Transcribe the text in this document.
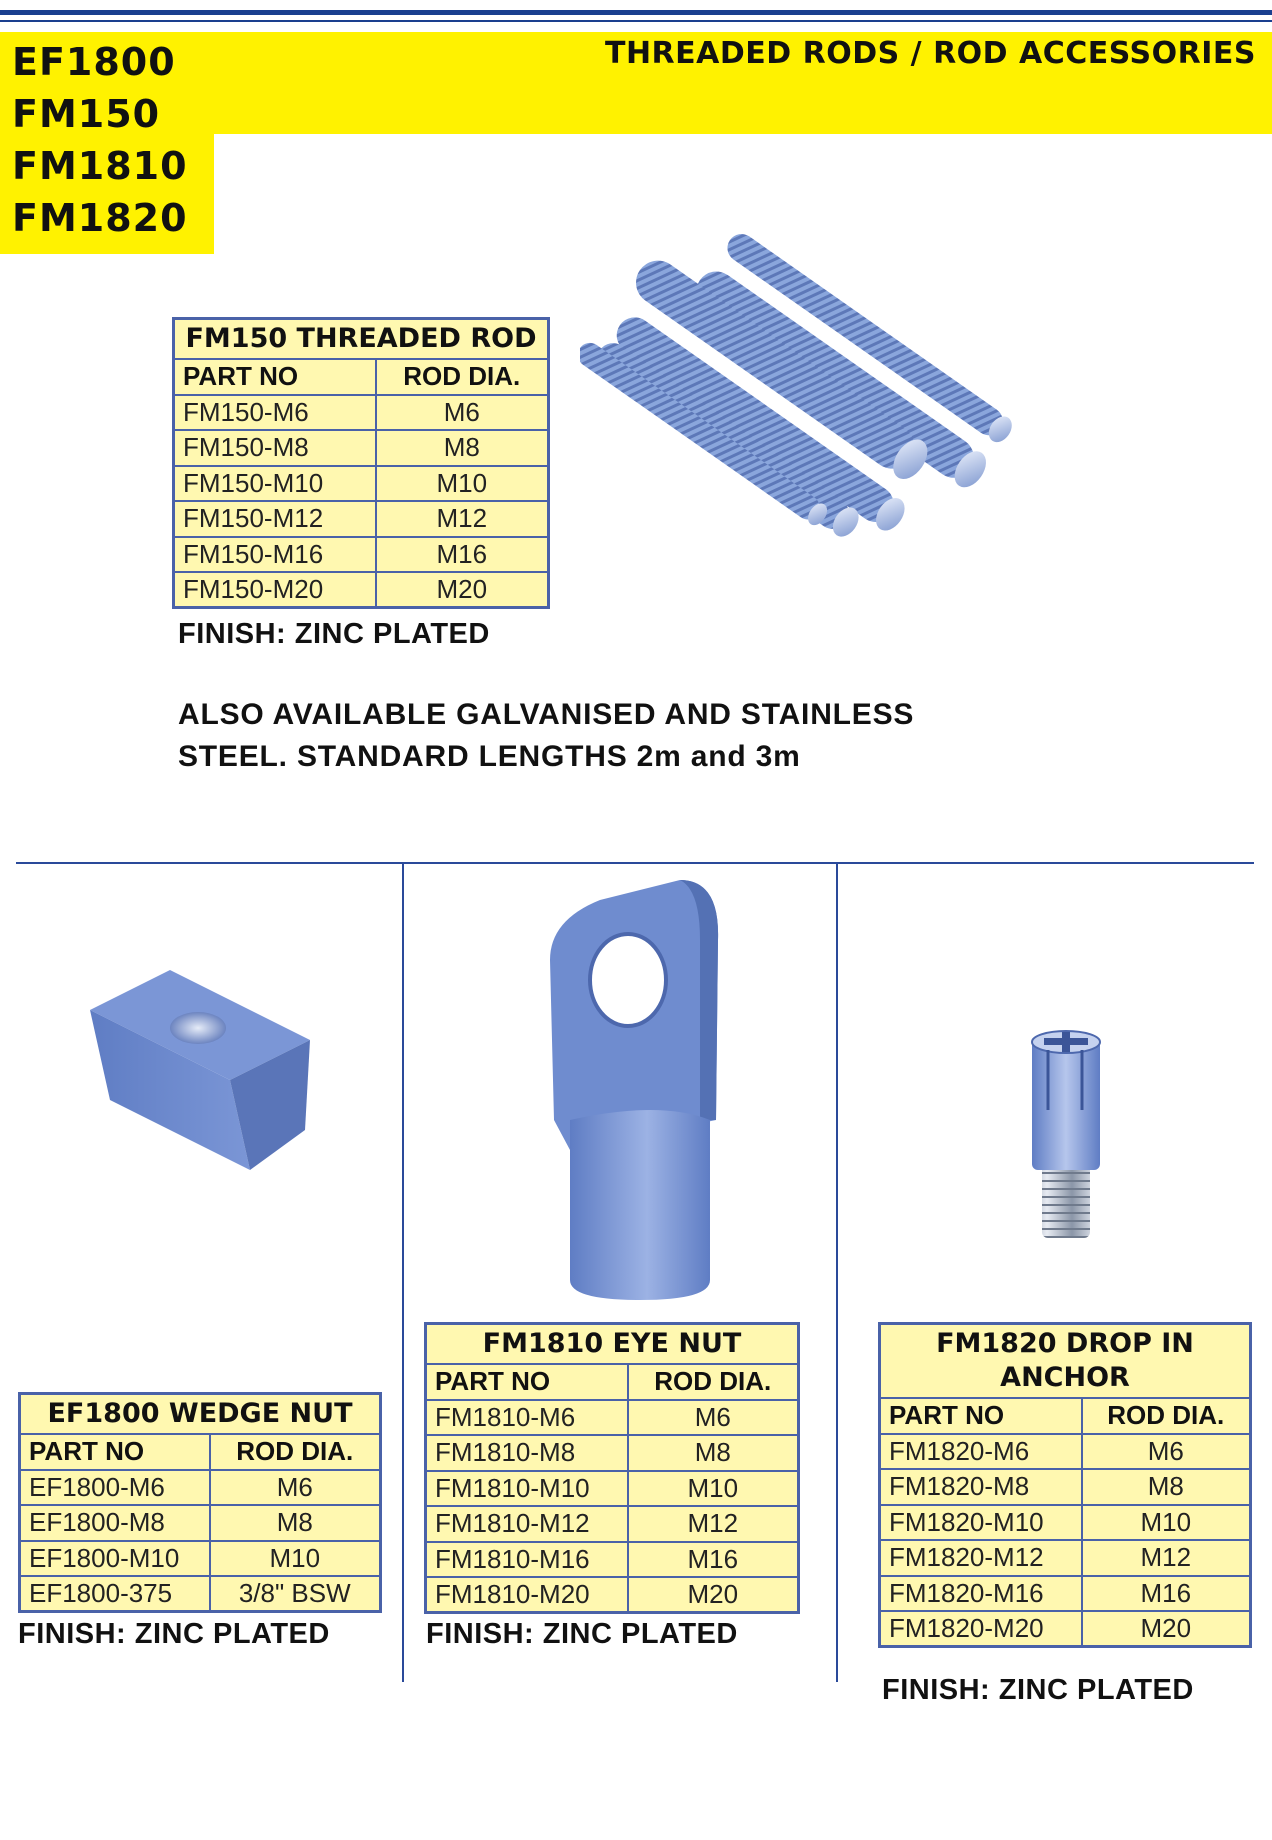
EF1800
FM150
FM1810
FM1820
THREADED RODS / ROD ACCESSORIES
FM150 THREADED ROD	
PART NO	ROD DIA.
FM150-M6	M6
FM150-M8	M8
FM150-M10	M10
FM150-M12	M12
FM150-M16	M16
FM150-M20	M20
FINISH: ZINC PLATED
ALSO AVAILABLE GALVANISED AND STAINLESS
STEEL. STANDARD LENGTHS 2m and 3m
EF1800 WEDGE NUT	
PART NO	ROD DIA.
EF1800-M6	M6
EF1800-M8	M8
EF1800-M10	M10
EF1800-375	3/8" BSW
FINISH: ZINC PLATED
FM1810 EYE NUT	
PART NO	ROD DIA.
FM1810-M6	M6
FM1810-M8	M8
FM1810-M10	M10
FM1810-M12	M12
FM1810-M16	M16
FM1810-M20	M20
FINISH: ZINC PLATED
FM1820 DROP IN
ANCHOR	

PART NO	ROD DIA.
FM1820-M6	M6
FM1820-M8	M8
FM1820-M10	M10
FM1820-M12	M12
FM1820-M16	M16
FM1820-M20	M20
FINISH: ZINC PLATED
